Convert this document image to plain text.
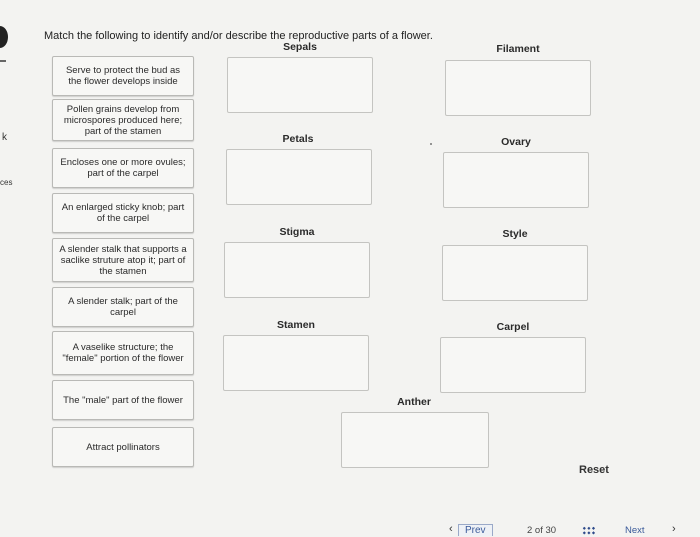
k
ces
Match the following to identify and/or describe the reproductive parts of a flower.
Serve to protect the bud as the flower develops inside
Pollen grains develop from microspores produced here; part of the stamen
Encloses one or more ovules; part of the carpel
An enlarged sticky knob; part of the carpel
A slender stalk that supports a saclike struture atop it; part of the stamen
A slender stalk; part of the carpel
A vaselike structure; the "female" portion of the flower
The "male" part of the flower
Attract pollinators
Sepals	Filament
Petals	Ovary
Stigma	Style
Stamen	Carpel
Anther
Reset
‹	Prev	2 of 30	Next ›
